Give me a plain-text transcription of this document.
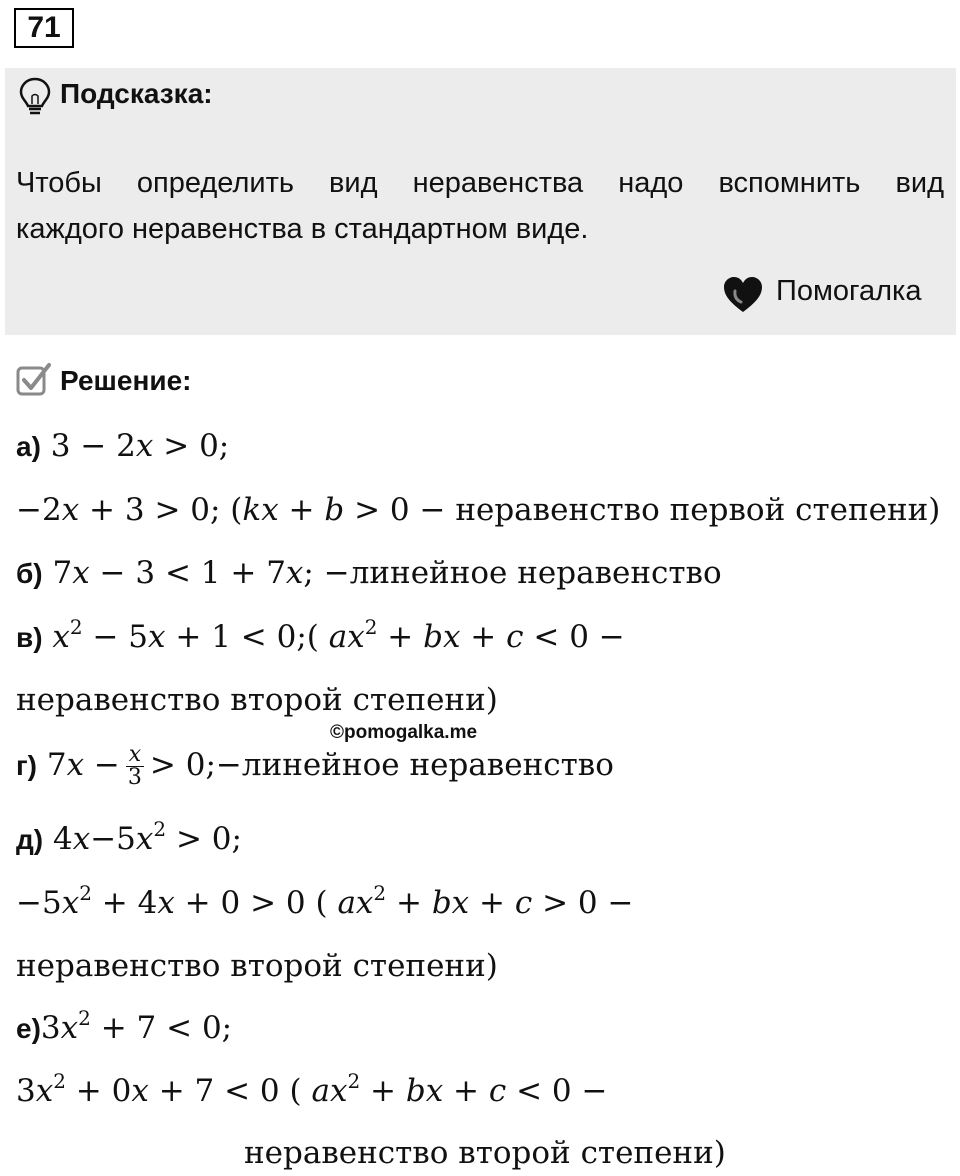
71
Подсказка:
Чтобы определить вид неравенства надо вспомнить вид
каждого неравенства в стандартном виде.
Помогалка
Решение:
а) 3 − 2x > 0;
−2x + 3 > 0; (kx + b > 0 − неравенство первой степени)
б) 7x − 3 < 1 + 7x; −линейное неравенство
в) $x^2 - 5x + 1$ < 0;( $ax^2$ + bx + c < 0 −
неравенство второй степени)
©pomogalka.me
г) $7x - \frac{x}{3}$ > 0;−линейное неравенство
д) $4x-5x^2 > 0$;
$-5x^2 + 4x + 0 > 0$ ( $ax^2$ + bx + c > 0 −
неравенство второй степени)
$е)3x^2 + 7 < 0$;
$3x^2 + 0x + 7 < 0$ ( $ax^2$ + bx + c < 0 −
неравенство второй степени)
